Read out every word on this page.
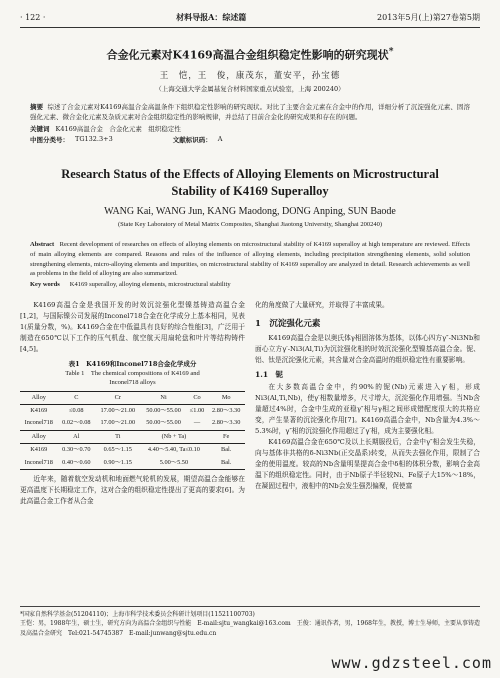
· 122 ·	材料导报A：综述篇	2013年5月(上)第27卷第5期
合金化元素对K4169高温合金组织稳定性影响的研究现状*
王　恺，王　俊，康茂东，董安平，孙宝德
（上海交通大学金属基复合材料国家重点试验室，上海 200240）
摘要 综述了合金元素对K4169高温合金高温条件下组织稳定性影响的研究现状。对比了主要合金元素在合金中的作用，详细分析了沉淀强化元素、固溶强化元素、微合金化元素及杂质元素对合金组织稳定性的影响规律，并总结了目前合金化的研究成果和存在的问题。
关键词 K4169高温合金　合金化元素　组织稳定性
中图分类号： TG132.3+3	文献标识码： A
Research Status of the Effects of Alloying Elements on Microstructural
Stability of K4169 Superalloy
WANG Kai, WANG Jun, KANG Maodong, DONG Anping, SUN Baode
(State Key Laboratory of Metal Matrix Composites, Shanghai Jiaotong University, Shanghai 200240)
Abstract Recent development of researches on effects of alloying elements on microstructural stability of K4169 superalloy at high temperature are reviewed. Effects of main alloying elements are compared. Reasons and rules of the influence of alloying elements, including precipitation strengthening elements, solid solution strengthening elements, micro-alloying elements and impurities, on microstructural stability of K4169 superalloy are analyzed in detail. Research achievements as well as problems in the field of alloying are also summarized.
Key words K4169 superalloy, alloying elements, microstructural stability

K4169高温合金是我国开发的时效沉淀强化型镍基铸造高温合金[1,2]，与国际镍公司发展的Inconel718合金在化学成分上基本相同，见表1(质量分数，%)。K4169合金在中低温具有良好的综合性能[3]，广泛用于制造在650℃以下工作的压气机盘、航空航天用扇轮盘和叶片等结构铸件[4,5]。

表1　K4169和Inconel718合金化学成分
Table 1　The chemical compositions of K4169 and
Inconel718 alloys
Alloy	C	Cr	Ni	Co	Mo
K4169	≤0.08	17.00～21.00	50.00～55.00	≤1.00	2.80～3.30
Inconel718	0.02～0.08	17.00～21.00	50.00～55.00	—	2.80～3.30
Alloy	Al	Ti	(Nb + Ta)		Fe
K4169	0.30～0.70	0.65～1.15	4.40～5.40, Ta≤0.10		Bal.
Inconel718	0.40～0.60	0.90～1.15	5.00～5.50		Bal.

近年来，随着航空发动机和地面燃气轮机的发展，期望高温合金能够在更高温度下长期稳定工作，这对合金的组织稳定性提出了更高的要求[6]。为此高温合金工作者从合金

化的角度做了大量研究，并取得了丰富成果。

1　沉淀强化元素

K4169高温合金是以奥氏体γ相固溶体为基体，以体心四方γ″-Ni3Nb和面心立方γ′-Ni3(Al,Ti)为沉淀强化相的时效沉淀强化型镍基高温合金。铌、铝、钛是沉淀强化元素，其含量对合金高温时的组织稳定性有重要影响。

1.1　铌

在大多数高温合金中，约90%的铌(Nb)元素进入γ′相，形成Ni3(Al,Ti,Nb)，使γ′相数量增多，尺寸增大，沉淀强化作用增强。当Nb含量超过4%时，合金中生成的亚稳γ″相与γ相之间形成错配度很大的共格应变，产生显著的沉淀强化作用[7]。K4169高温合金中，Nb含量为4.3%～5.3%时，γ″相的沉淀强化作用超过了γ′相，成为主要强化相。

K4169高温合金在650℃及以上长期服役后，合金中γ″相会发生失稳，向与基体非共格的δ-Ni3Nb(正交晶系)转变，从而失去强化作用，限制了合金的使用温度。较高的Nb含量明显提高合金中δ相的体积分数，影响合金高温下的组织稳定性。同时，由于Nb原子半径较Ni、Fe原子大15%～18%，在凝固过程中，液相中的Nb会发生强烈偏聚，促使富

*国家自然科学基金(51204110)；上海市科学技术委员会科研计划项目(11521100703)
王恺：男，1988年生，硕士生，研究方向为高温合金组织与性能　E-mail:sjtu_wangkai@163.com　王俊：通讯作者，男，1968年生，教授，博士生导师，主要从事铸造及高温合金研究　Tel:021-54745387　E-mail:junwang@sjtu.edu.cn
www.gdzsteel.com
